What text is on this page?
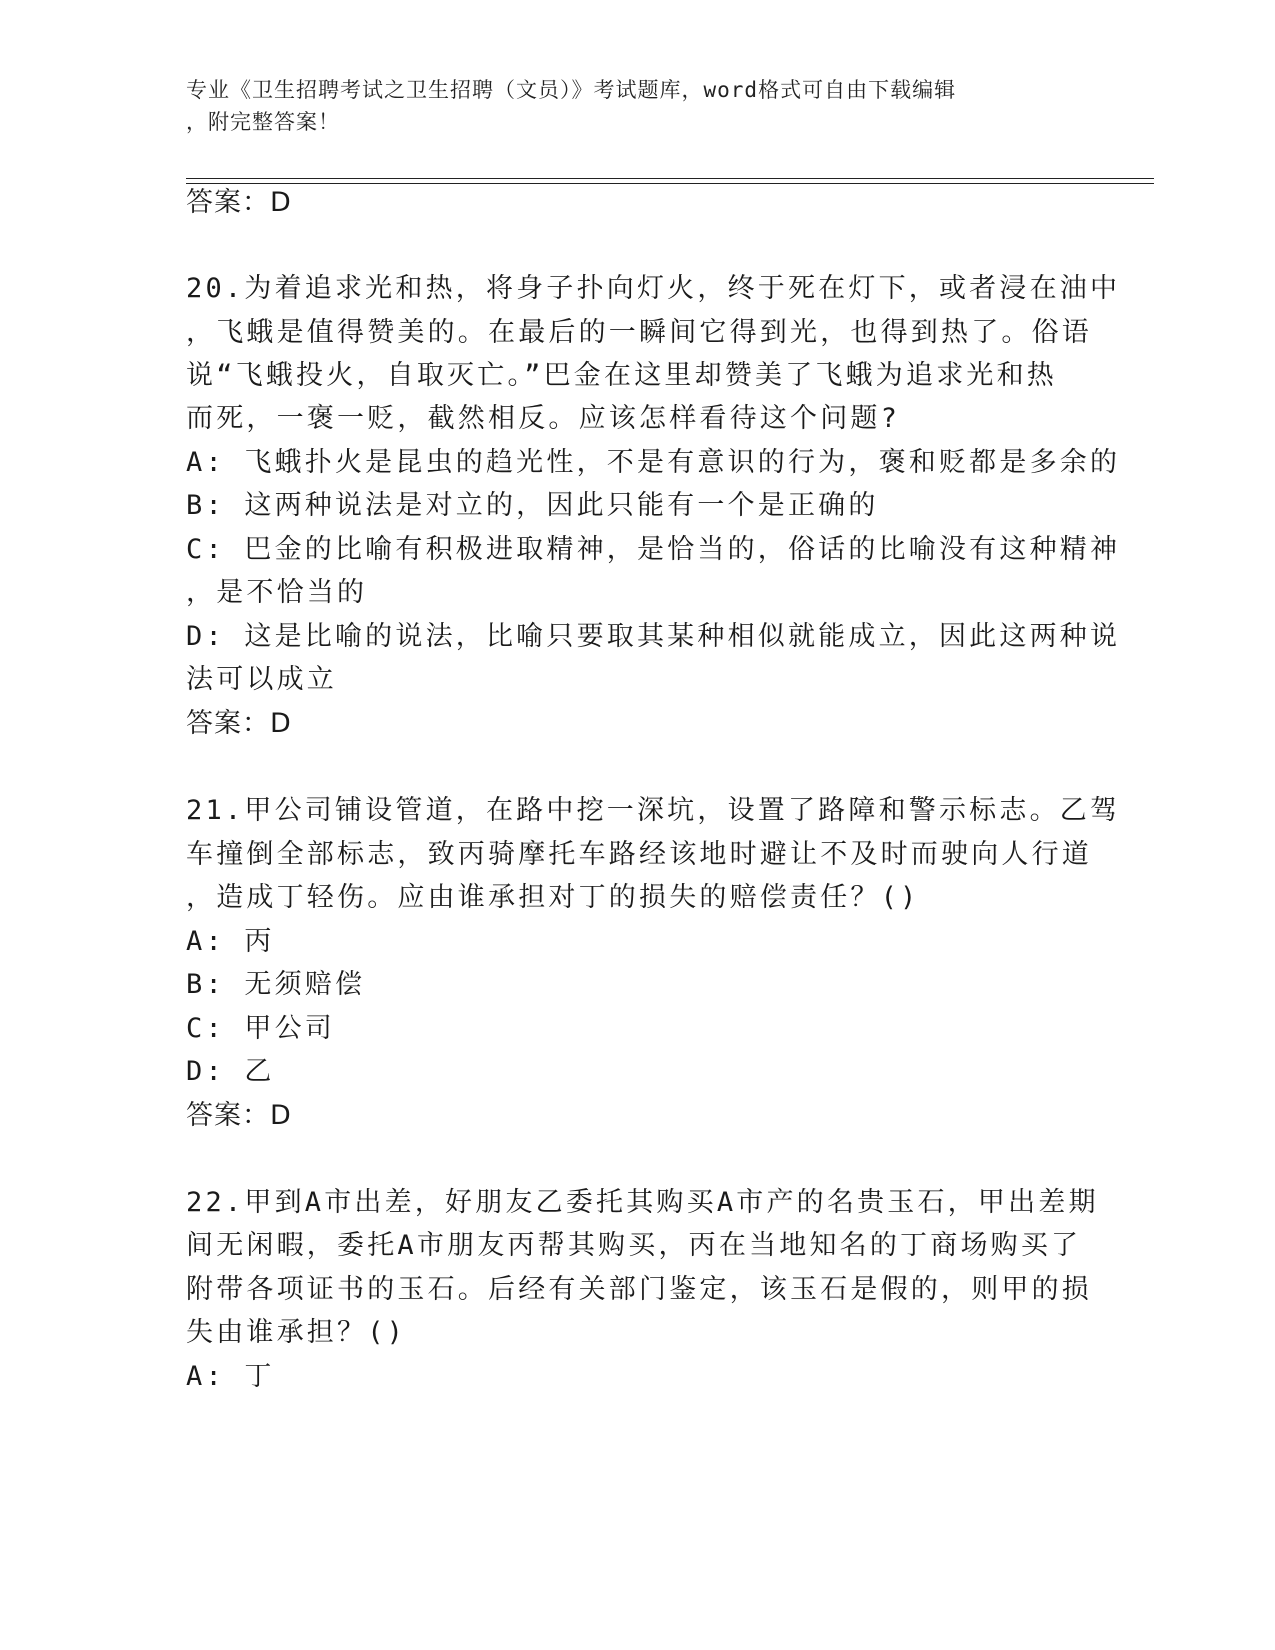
专业《卫生招聘考试之卫生招聘（文员）》考试题库，word格式可自由下载编辑
，附完整答案！
答案：D
20.为着追求光和热，将身子扑向灯火，终于死在灯下，或者浸在油中
，飞蛾是值得赞美的。在最后的一瞬间它得到光，也得到热了。俗语
说“飞蛾投火，自取灭亡。”巴金在这里却赞美了飞蛾为追求光和热
而死，一褒一贬，截然相反。应该怎样看待这个问题?
A: 飞蛾扑火是昆虫的趋光性，不是有意识的行为，褒和贬都是多余的
B: 这两种说法是对立的，因此只能有一个是正确的
C: 巴金的比喻有积极进取精神，是恰当的，俗话的比喻没有这种精神
，是不恰当的
D: 这是比喻的说法，比喻只要取其某种相似就能成立，因此这两种说
法可以成立
答案：D
21.甲公司铺设管道，在路中挖一深坑，设置了路障和警示标志。乙驾
车撞倒全部标志，致丙骑摩托车路经该地时避让不及时而驶向人行道
，造成丁轻伤。应由谁承担对丁的损失的赔偿责任？()
A: 丙
B: 无须赔偿
C: 甲公司
D: 乙
答案：D
22.甲到A市出差，好朋友乙委托其购买A市产的名贵玉石，甲出差期
间无闲暇，委托A市朋友丙帮其购买，丙在当地知名的丁商场购买了
附带各项证书的玉石。后经有关部门鉴定，该玉石是假的，则甲的损
失由谁承担？()
A: 丁
